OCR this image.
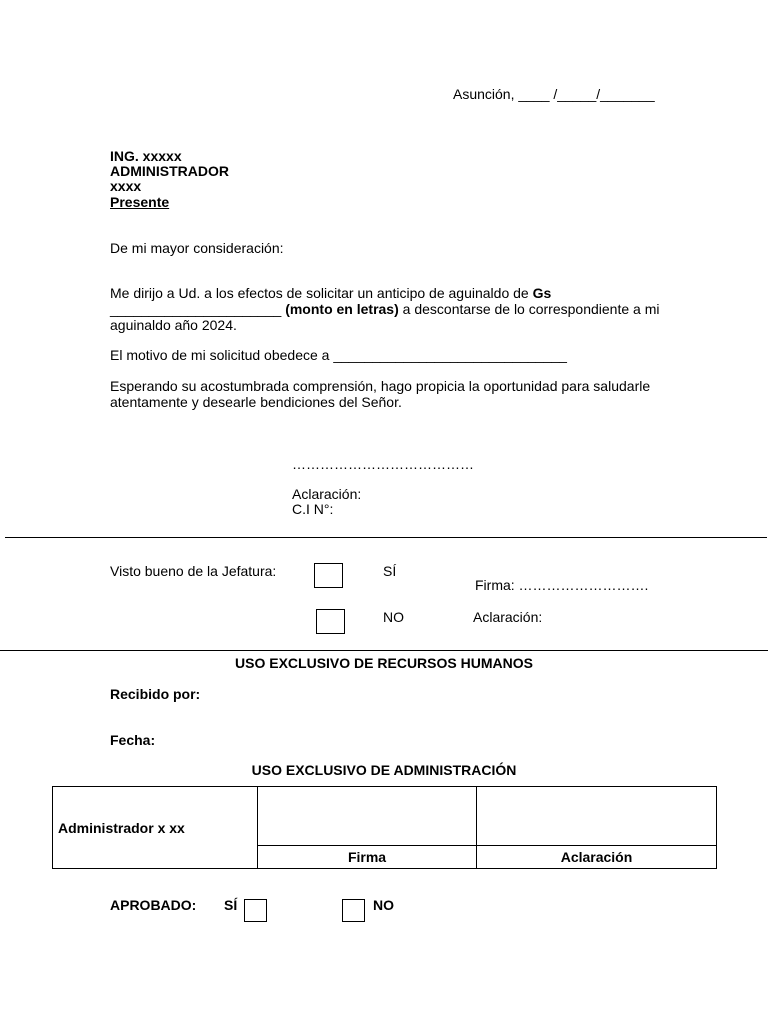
Asunción, ____ /_____/_______
ING. xxxxx
ADMINISTRADOR
xxxx
Presente
De mi mayor consideración:
Me dirijo a Ud. a los efectos de solicitar un anticipo de aguinaldo de Gs
______________________ (monto en letras) a descontarse de lo correspondiente a mi aguinaldo año 2024.
El motivo de mi solicitud obedece a ______________________________
Esperando su acostumbrada comprensión, hago propicia la oportunidad para saludarle atentamente y desearle bendiciones del Señor.
…………………………………
Aclaración:
C.I N°:
Visto bueno de la Jefatura:	SÍ
Firma: ……………………….
NO	Aclaración:
USO EXCLUSIVO DE RECURSOS HUMANOS
Recibido por:
Fecha:
USO EXCLUSIVO DE ADMINISTRACIÓN
Administrador x xx		
	Firma	Aclaración
APROBADO: SÍ	NO
